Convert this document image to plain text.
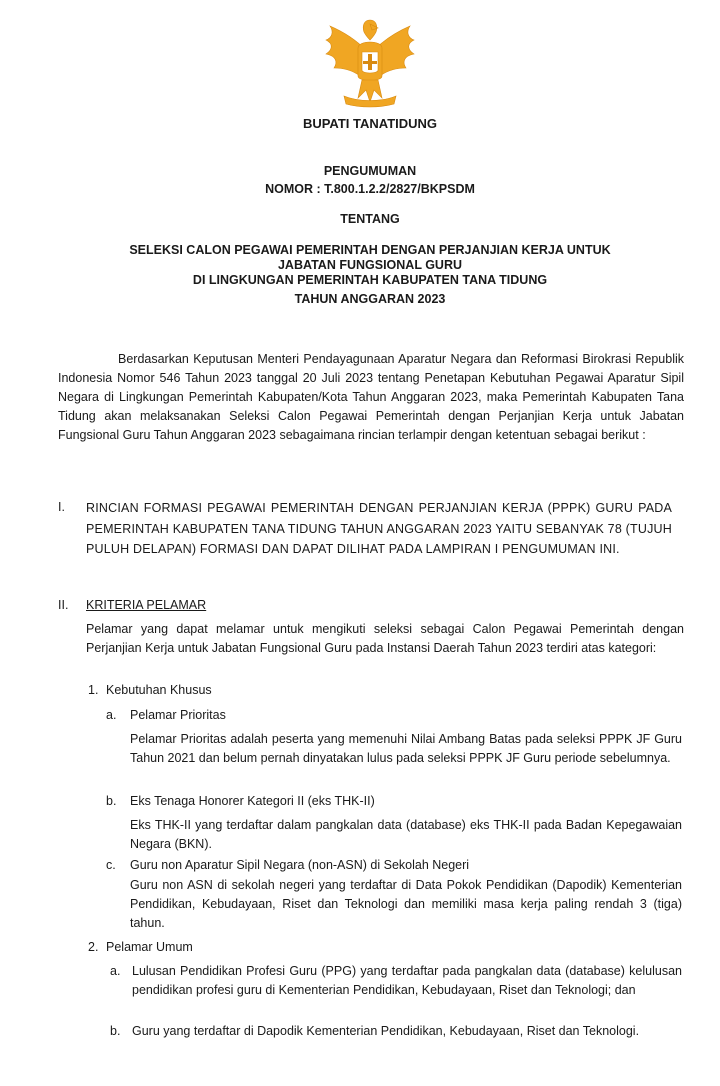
BUPATI TANATIDUNG
PENGUMUMAN
NOMOR : T.800.1.2.2/2827/BKPSDM
TENTANG
SELEKSI CALON PEGAWAI PEMERINTAH DENGAN PERJANJIAN KERJA UNTUK
JABATAN FUNGSIONAL GURU
DI LINGKUNGAN PEMERINTAH KABUPATEN TANA TIDUNG
TAHUN ANGGARAN 2023
Berdasarkan Keputusan Menteri Pendayagunaan Aparatur Negara dan Reformasi Birokrasi Republik Indonesia Nomor 546 Tahun 2023 tanggal 20 Juli 2023 tentang Penetapan Kebutuhan Pegawai Aparatur Sipil Negara di Lingkungan Pemerintah Kabupaten/Kota Tahun Anggaran 2023, maka Pemerintah Kabupaten Tana Tidung akan melaksanakan Seleksi Calon Pegawai Pemerintah dengan Perjanjian Kerja untuk Jabatan Fungsional Guru Tahun Anggaran 2023 sebagaimana rincian terlampir dengan ketentuan sebagai berikut :
I. RINCIAN FORMASI PEGAWAI PEMERINTAH DENGAN PERJANJIAN KERJA (PPPK) GURU PADA PEMERINTAH KABUPATEN TANA TIDUNG TAHUN ANGGARAN 2023 YAITU SEBANYAK 78 (TUJUH PULUH DELAPAN) FORMASI DAN DAPAT DILIHAT PADA LAMPIRAN I PENGUMUMAN INI.
II. KRITERIA PELAMAR
Pelamar yang dapat melamar untuk mengikuti seleksi sebagai Calon Pegawai Pemerintah dengan Perjanjian Kerja untuk Jabatan Fungsional Guru pada Instansi Daerah Tahun 2023 terdiri atas kategori:
1. Kebutuhan Khusus
a. Pelamar Prioritas
Pelamar Prioritas adalah peserta yang memenuhi Nilai Ambang Batas pada seleksi PPPK JF Guru Tahun 2021 dan belum pernah dinyatakan lulus pada seleksi PPPK JF Guru periode sebelumnya.
b. Eks Tenaga Honorer Kategori II (eks THK-II)
Eks THK-II yang terdaftar dalam pangkalan data (database) eks THK-II pada Badan Kepegawaian Negara (BKN).
c. Guru non Aparatur Sipil Negara (non-ASN) di Sekolah Negeri
Guru non ASN di sekolah negeri yang terdaftar di Data Pokok Pendidikan (Dapodik) Kementerian Pendidikan, Kebudayaan, Riset dan Teknologi dan memiliki masa kerja paling rendah 3 (tiga) tahun.
2. Pelamar Umum
a. Lulusan Pendidikan Profesi Guru (PPG) yang terdaftar pada pangkalan data (database) kelulusan pendidikan profesi guru di Kementerian Pendidikan, Kebudayaan, Riset dan Teknologi; dan
b. Guru yang terdaftar di Dapodik Kementerian Pendidikan, Kebudayaan, Riset dan Teknologi.
